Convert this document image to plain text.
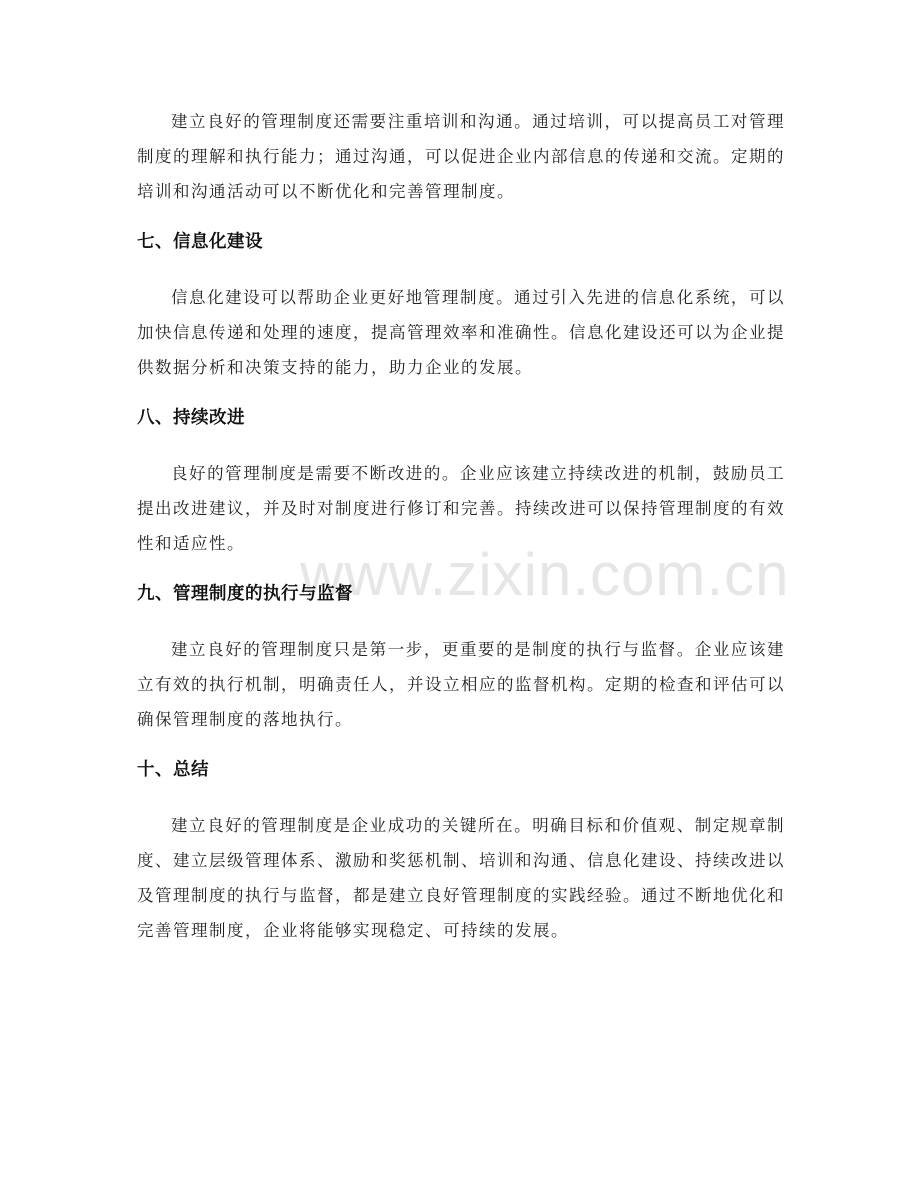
www.zixin.com.cn

建立良好的管理制度还需要注重培训和沟通。通过培训，可以提高员工对管理制度的理解和执行能力；通过沟通，可以促进企业内部信息的传递和交流。定期的培训和沟通活动可以不断优化和完善管理制度。

七、信息化建设

信息化建设可以帮助企业更好地管理制度。通过引入先进的信息化系统，可以加快信息传递和处理的速度，提高管理效率和准确性。信息化建设还可以为企业提供数据分析和决策支持的能力，助力企业的发展。

八、持续改进

良好的管理制度是需要不断改进的。企业应该建立持续改进的机制，鼓励员工提出改进建议，并及时对制度进行修订和完善。持续改进可以保持管理制度的有效性和适应性。

九、管理制度的执行与监督

建立良好的管理制度只是第一步，更重要的是制度的执行与监督。企业应该建立有效的执行机制，明确责任人，并设立相应的监督机构。定期的检查和评估可以确保管理制度的落地执行。

十、总结

建立良好的管理制度是企业成功的关键所在。明确目标和价值观、制定规章制度、建立层级管理体系、激励和奖惩机制、培训和沟通、信息化建设、持续改进以及管理制度的执行与监督，都是建立良好管理制度的实践经验。通过不断地优化和完善管理制度，企业将能够实现稳定、可持续的发展。
